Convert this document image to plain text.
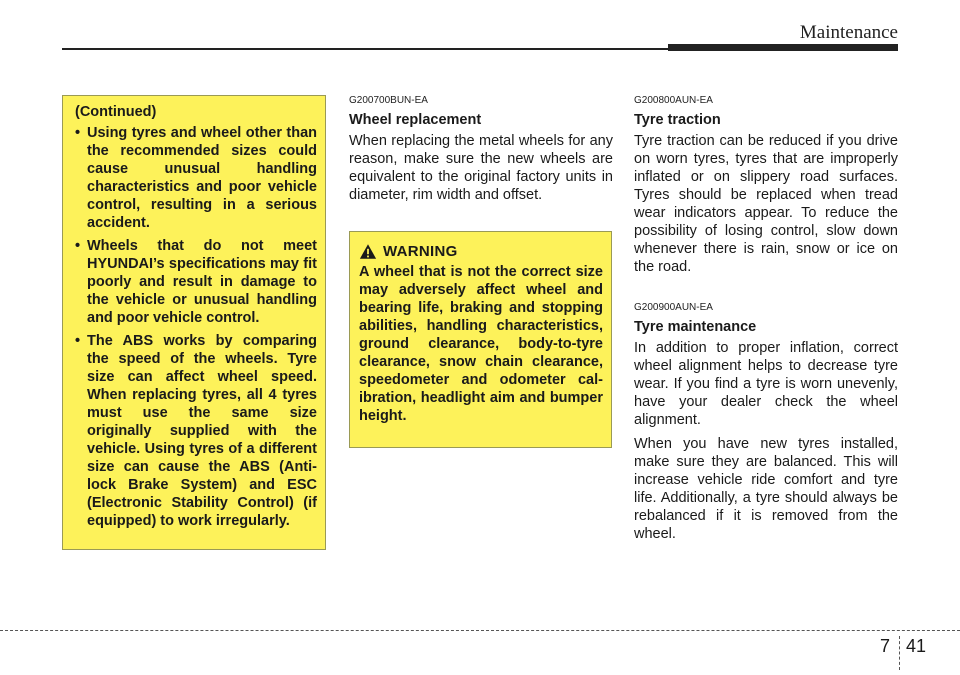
Maintenance
(Continued)
• Using tyres and wheel other than the recommended sizes could cause unusual handling characteristics and poor vehicle control, resulting in a serious accident.
• Wheels that do not meet HYUNDAI’s specifications may fit poorly and result in damage to the vehicle or unusual handling and poor vehicle control.
• The ABS works by comparing the speed of the wheels. Tyre size can affect wheel speed. When replacing tyres, all 4 tyres must use the same size originally supplied with the vehicle. Using tyres of a different size can cause the ABS (Anti-lock Brake System) and ESC (Electronic Stability Control) (if equipped) to work irregularly.
G200700BUN-EA
Wheel replacement

When replacing the metal wheels for any reason, make sure the new wheels are equivalent to the original factory units in diameter, rim width and offset.

WARNING

A wheel that is not the correct size may adversely affect wheel and bearing life, braking and stopping abilities, handling characteristics, ground clearance, body-to-tyre clearance, snow chain clearance, speedometer and odometer calibration, headlight aim and bumper height.

G200800AUN-EA
Tyre traction

Tyre traction can be reduced if you drive on worn tyres, tyres that are improperly inflated or on slippery road surfaces. Tyres should be replaced when tread wear indicators appear. To reduce the possibility of losing control, slow down whenever there is rain, snow or ice on the road.

G200900AUN-EA
Tyre maintenance

In addition to proper inflation, correct wheel alignment helps to decrease tyre wear. If you find a tyre is worn unevenly, have your dealer check the wheel alignment.

When you have new tyres installed, make sure they are balanced. This will increase vehicle ride comfort and tyre life. Additionally, a tyre should always be rebalanced if it is removed from the wheel.

7 41
